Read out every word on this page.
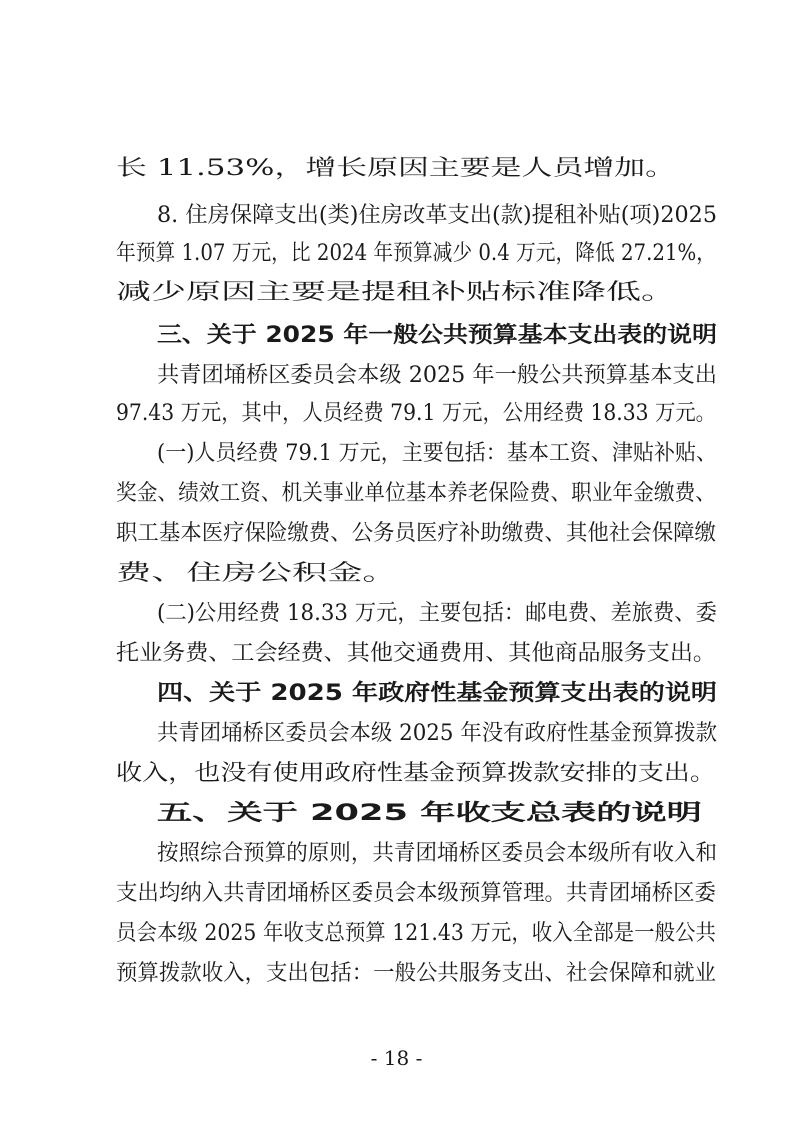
长 11.53%，增长原因主要是人员增加。
8. 住房保障支出(类)住房改革支出(款)提租补贴(项)2025
年预算 1.07 万元，比 2024 年预算减少 0.4 万元，降低 27.21%，
减少原因主要是提租补贴标准降低。
三、关于 2025 年一般公共预算基本支出表的说明
共青团埇桥区委员会本级 2025 年一般公共预算基本支出
97.43 万元，其中，人员经费 79.1 万元，公用经费 18.33 万元。
(一)人员经费 79.1 万元，主要包括：基本工资、津贴补贴、
奖金、绩效工资、机关事业单位基本养老保险费、职业年金缴费、
职工基本医疗保险缴费、公务员医疗补助缴费、其他社会保障缴
费、住房公积金。
(二)公用经费 18.33 万元，主要包括：邮电费、差旅费、委
托业务费、工会经费、其他交通费用、其他商品服务支出。
四、关于 2025 年政府性基金预算支出表的说明
共青团埇桥区委员会本级 2025 年没有政府性基金预算拨款
收入，也没有使用政府性基金预算拨款安排的支出。
五、关于 2025 年收支总表的说明
按照综合预算的原则，共青团埇桥区委员会本级所有收入和
支出均纳入共青团埇桥区委员会本级预算管理。共青团埇桥区委
员会本级 2025 年收支总预算 121.43 万元，收入全部是一般公共
预算拨款收入，支出包括：一般公共服务支出、社会保障和就业
- 18 -
